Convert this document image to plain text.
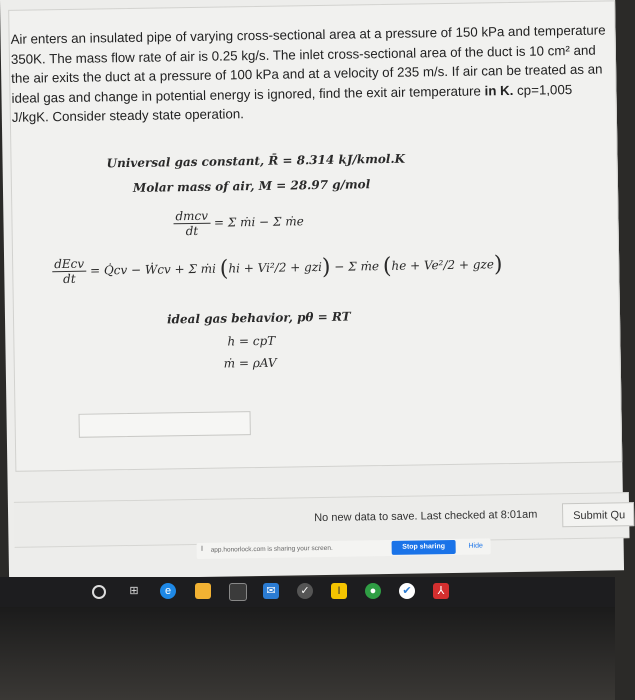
Air enters an insulated pipe of varying cross-sectional area at a pressure of 150 kPa and temperature 350K. The mass flow rate of air is 0.25 kg/s. The inlet cross-sectional area of the duct is 10 cm² and the air exits the duct at a pressure of 100 kPa and at a velocity of 235 m/s. If air can be treated as an ideal gas and change in potential energy is ignored, find the exit air temperature in K. cp=1,005 J/kgK. Consider steady state operation.
Universal gas constant, R̄ = 8.314 kJ/kmol.K
Molar mass of air, M = 28.97 g/mol
$\frac{\text{dmcv}}{dt} = \Sigma$ ṁi − Σ ṁe
$\frac{\text{dEcv}}{dt}$ = Q̇cv − Ẇcv + Σ ṁi (hi + Vi²/2 + gzi) − Σ ṁe (he + Ve²/2 + gze)
ideal gas behavior, pθ = RT
h = cpT
ṁ = ρAV
No new data to save. Last checked at 8:01am	Submit Qu
‖ app.honorlock.com is sharing your screen.	Stop sharing	Hide
⊞	e	✉	✓	I	●	✔	⅄
